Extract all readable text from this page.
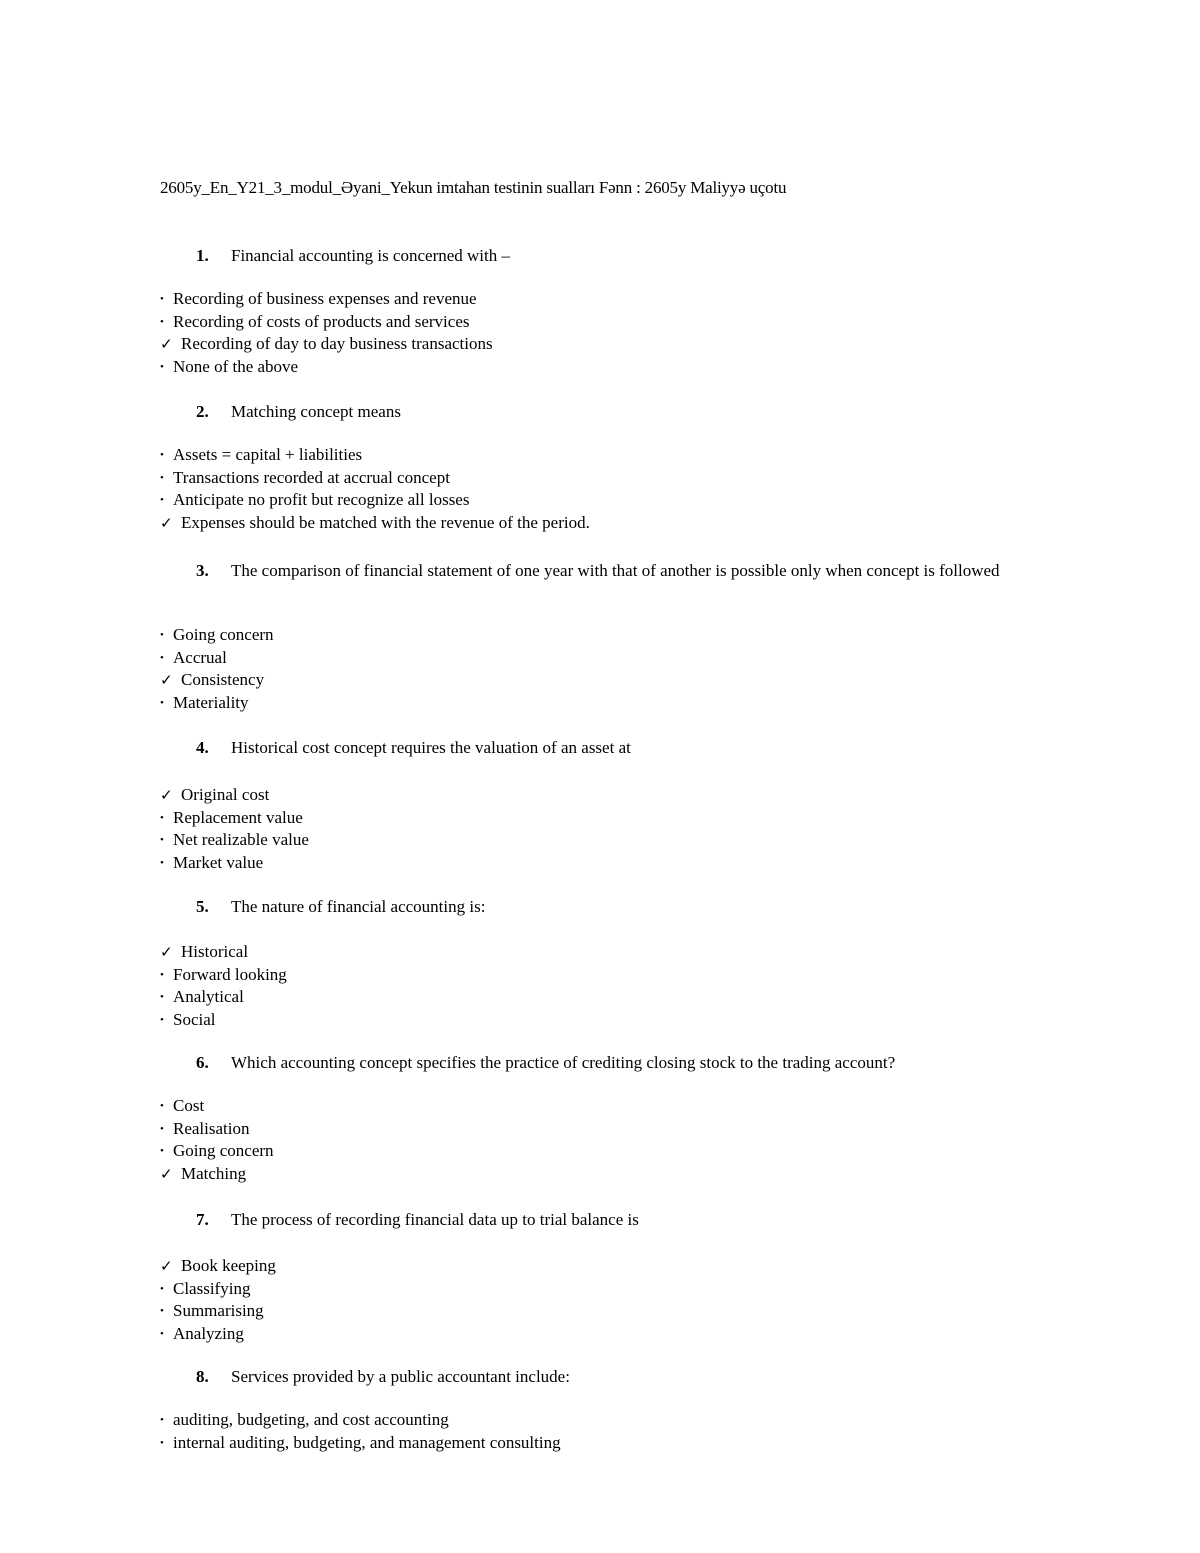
2605y_En_Y21_3_modul_Əyani_Yekun imtahan testinin sualları Fənn : 2605y Maliyyə uçotu
1.	Financial accounting is concerned with –
•
Recording of business expenses and revenue
•
Recording of costs of products and services
✓
Recording of day to day business transactions
•
None of the above
2.	Matching concept means
•
Assets = capital + liabilities
•
Transactions recorded at accrual concept
•
Anticipate no profit but recognize all losses
✓
Expenses should be matched with the revenue of the period.
3.	The comparison of financial statement of one year with that of another is possible only when concept is followed
•
Going concern
•
Accrual
✓
Consistency
•
Materiality
4.	Historical cost concept requires the valuation of an asset at
✓
Original cost
•
Replacement value
•
Net realizable value
•
Market value
5.	The nature of financial accounting is:
✓
Historical
•
Forward looking
•
Analytical
•
Social
6.	Which accounting concept specifies the practice of crediting closing stock to the trading account?
•
Cost
•
Realisation
•
Going concern
✓
Matching
7.	The process of recording financial data up to trial balance is
✓
Book keeping
•
Classifying
•
Summarising
•
Analyzing
8.	Services provided by a public accountant include:
•
auditing, budgeting, and cost accounting
•
internal auditing, budgeting, and management consulting
